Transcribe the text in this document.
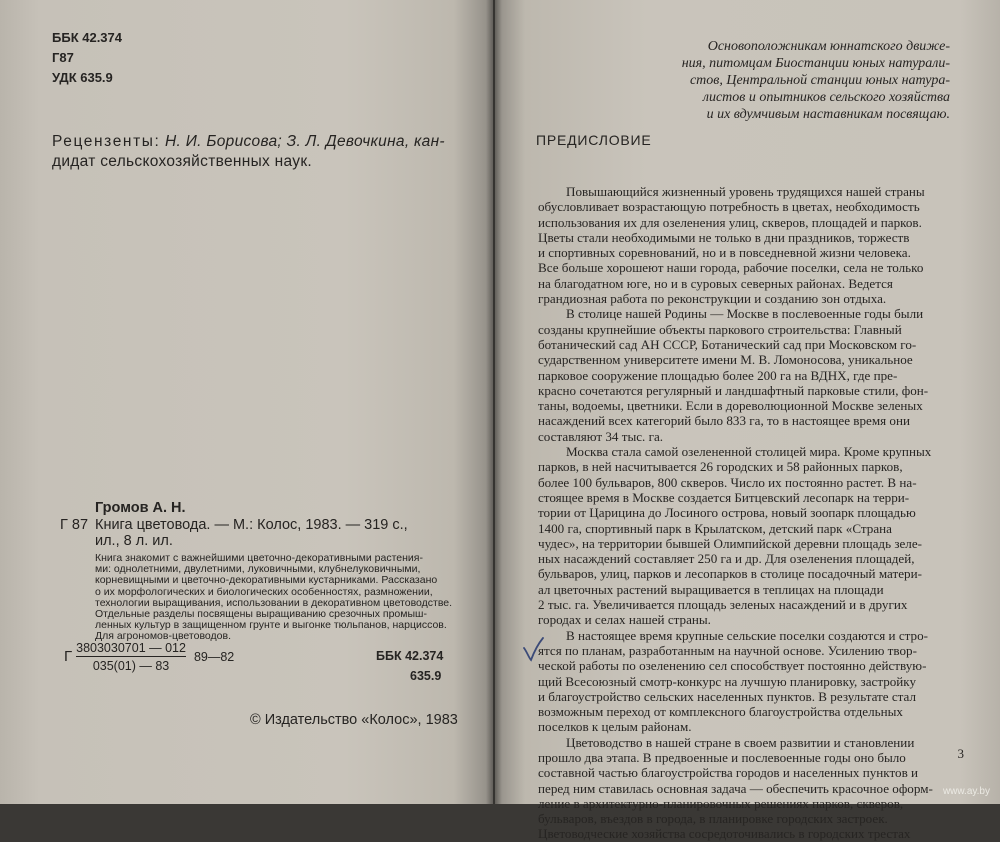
ББК 42.374
Г87
УДК 635.9
Рецензенты: Н. И. Борисова; З. Л. Девочкина, кан-
дидат сельскохозяйственных наук.
Громов А. Н.
Г 87 Книга цветовода. — М.: Колос, 1983. — 319 с.,
ил., 8 л. ил.
Книга знакомит с важнейшими цветочно-декоративными растения-
ми: однолетними, двулетними, луковичными, клубнелуковичными,
корневищными и цветочно-декоративными кустарниками. Рассказано
о их морфологических и биологических особенностях, размножении,
технологии выращивания, использовании в декоративном цветоводстве.
Отдельные разделы посвящены выращиванию срезочных промыш-
ленных культур в защищенном грунте и выгонке тюльпанов, нарциссов.
Для агрономов-цветоводов.
Г $\frac{3803030701 — 012}{035(01) — 83}$ 89—82	ББК 42.374
635.9
© Издательство «Колос», 1983
Основоположникам юннатского движе-
ния, питомцам Биостанции юных натурали-
стов, Центральной станции юных натура-
листов и опытников сельского хозяйства
и их вдумчивым наставникам посвящаю.
ПРЕДИСЛОВИЕ
Повышающийся жизненный уровень трудящихся нашей страны
обусловливает возрастающую потребность в цветах, необходимость
использования их для озеленения улиц, скверов, площадей и парков.
Цветы стали необходимыми не только в дни праздников, торжеств
и спортивных соревнований, но и в повседневной жизни человека.
Все больше хорошеют наши города, рабочие поселки, села не только
на благодатном юге, но и в суровых северных районах. Ведется
грандиозная работа по реконструкции и созданию зон отдыха.
В столице нашей Родины — Москве в послевоенные годы были
созданы крупнейшие объекты паркового строительства: Главный
ботанический сад АН СССР, Ботанический сад при Московском го-
сударственном университете имени М. В. Ломоносова, уникальное
парковое сооружение площадью более 200 га на ВДНХ, где пре-
красно сочетаются регулярный и ландшафтный парковые стили, фон-
таны, водоемы, цветники. Если в дореволюционной Москве зеленых
насаждений всех категорий было 833 га, то в настоящее время они
составляют 34 тыс. га.
Москва стала самой озелененной столицей мира. Кроме крупных
парков, в ней насчитывается 26 городских и 58 районных парков,
более 100 бульваров, 800 скверов. Число их постоянно растет. В на-
стоящее время в Москве создается Битцевский лесопарк на терри-
тории от Царицина до Лосиного острова, новый зоопарк площадью
1400 га, спортивный парк в Крылатском, детский парк «Страна
чудес», на территории бывшей Олимпийской деревни площадь зеле-
ных насаждений составляет 250 га и др. Для озеленения площадей,
бульваров, улиц, парков и лесопарков в столице посадочный матери-
ал цветочных растений выращивается в теплицах на площади
2 тыс. га. Увеличивается площадь зеленых насаждений и в других
городах и селах нашей страны.
В настоящее время крупные сельские поселки создаются и стро-
ятся по планам, разработанным на научной основе. Усилению твор-
ческой работы по озеленению сел способствует постоянно действую-
щий Всесоюзный смотр-конкурс на лучшую планировку, застройку
и благоустройство сельских населенных пунктов. В результате стал
возможным переход от комплексного благоустройства отдельных
поселков к целым районам.
Цветоводство в нашей стране в своем развитии и становлении
прошло два этапа. В предвоенные и послевоенные годы оно было
составной частью благоустройства городов и населенных пунктов и
перед ним ставилась основная задача — обеспечить красочное оформ-
ление в архитектурно-планировочных решениях парков, скверов,
бульваров, въездов в города, в планировке городских застроек.
Цветоводческие хозяйства сосредоточивались в городских трестах
3
www.ay.by
